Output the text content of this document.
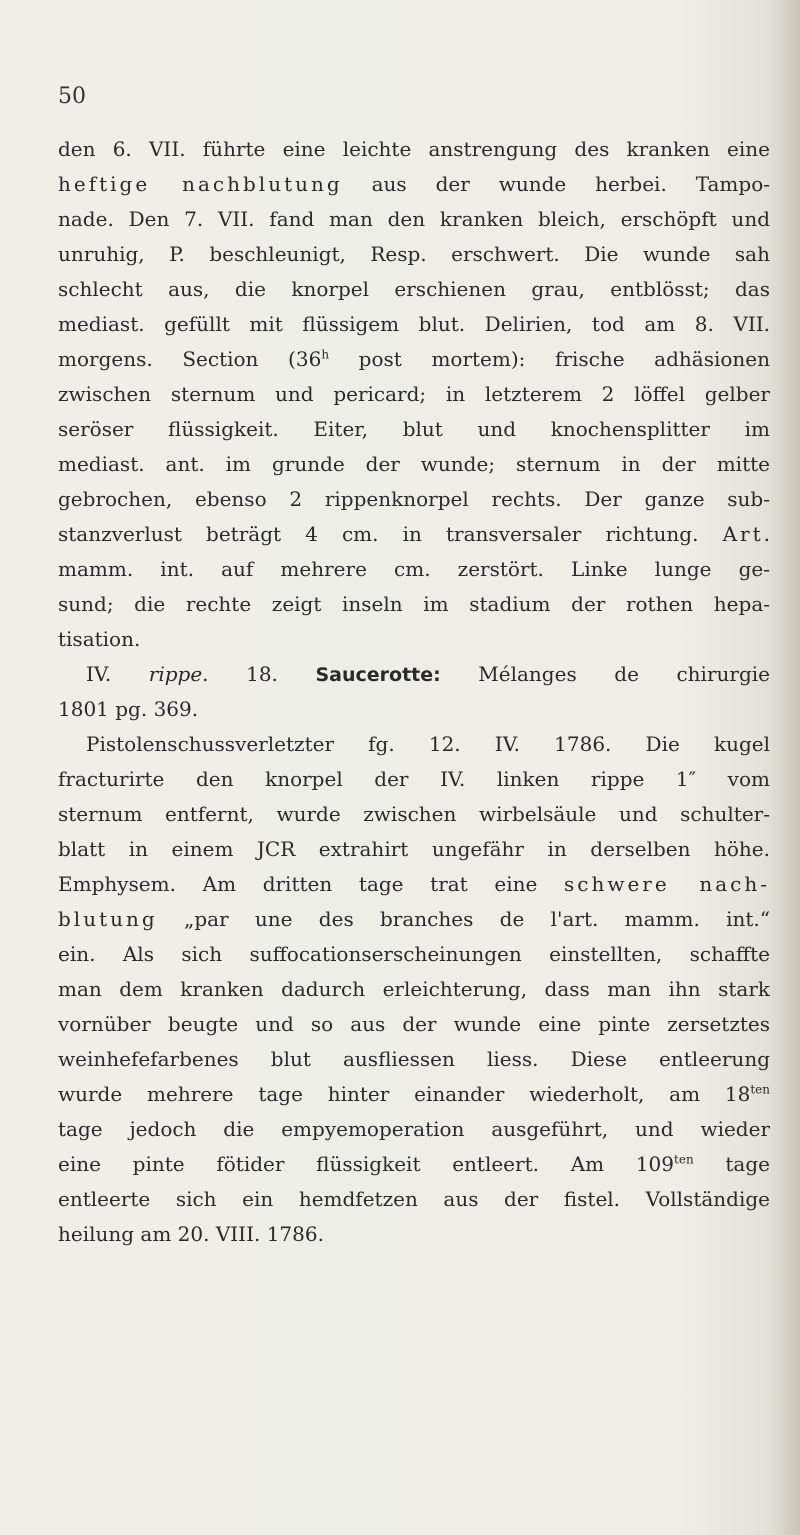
50
den 6. VII. führte eine leichte anstrengung des kranken eine
heftige nachblutung aus der wunde herbei. Tampo-
nade. Den 7. VII. fand man den kranken bleich, erschöpft und
unruhig, P. beschleunigt, Resp. erschwert. Die wunde sah
schlecht aus, die knorpel erschienen grau, entblösst; das
mediast. gefüllt mit flüssigem blut. Delirien, tod am 8. VII.
morgens. Section (36$^h$ post mortem): frische adhäsionen
zwischen sternum und pericard; in letzterem 2 löffel gelber
seröser flüssigkeit. Eiter, blut und knochensplitter im
mediast. ant. im grunde der wunde; sternum in der mitte
gebrochen, ebenso 2 rippenknorpel rechts. Der ganze sub-
stanzverlust beträgt 4 cm. in transversaler richtung. Art.
mamm. int. auf mehrere cm. zerstört. Linke lunge ge-
sund; die rechte zeigt inseln im stadium der rothen hepa-
tisation.
IV. rippe. 18. Saucerotte: Mélanges de chirurgie
1801 pg. 369.
Pistolenschussverletzter fg. 12. IV. 1786. Die kugel
fracturirte den knorpel der IV. linken rippe 1″ vom
sternum entfernt, wurde zwischen wirbelsäule und schulter-
blatt in einem JCR extrahirt ungefähr in derselben höhe.
Emphysem. Am dritten tage trat eine schwere nach-
blutung „par une des branches de l'art. mamm. int.“
ein. Als sich suffocationserscheinungen einstellten, schaffte
man dem kranken dadurch erleichterung, dass man ihn stark
vornüber beugte und so aus der wunde eine pinte zersetztes
weinhefefarbenes blut ausfliessen liess. Diese entleerung
wurde mehrere tage hinter einander wiederholt, am $18^{ten}$
tage jedoch die empyemoperation ausgeführt, und wieder
eine pinte fötider flüssigkeit entleert. Am $109^{ten}$ tage
entleerte sich ein hemdfetzen aus der fistel. Vollständige
heilung am 20. VIII. 1786.
